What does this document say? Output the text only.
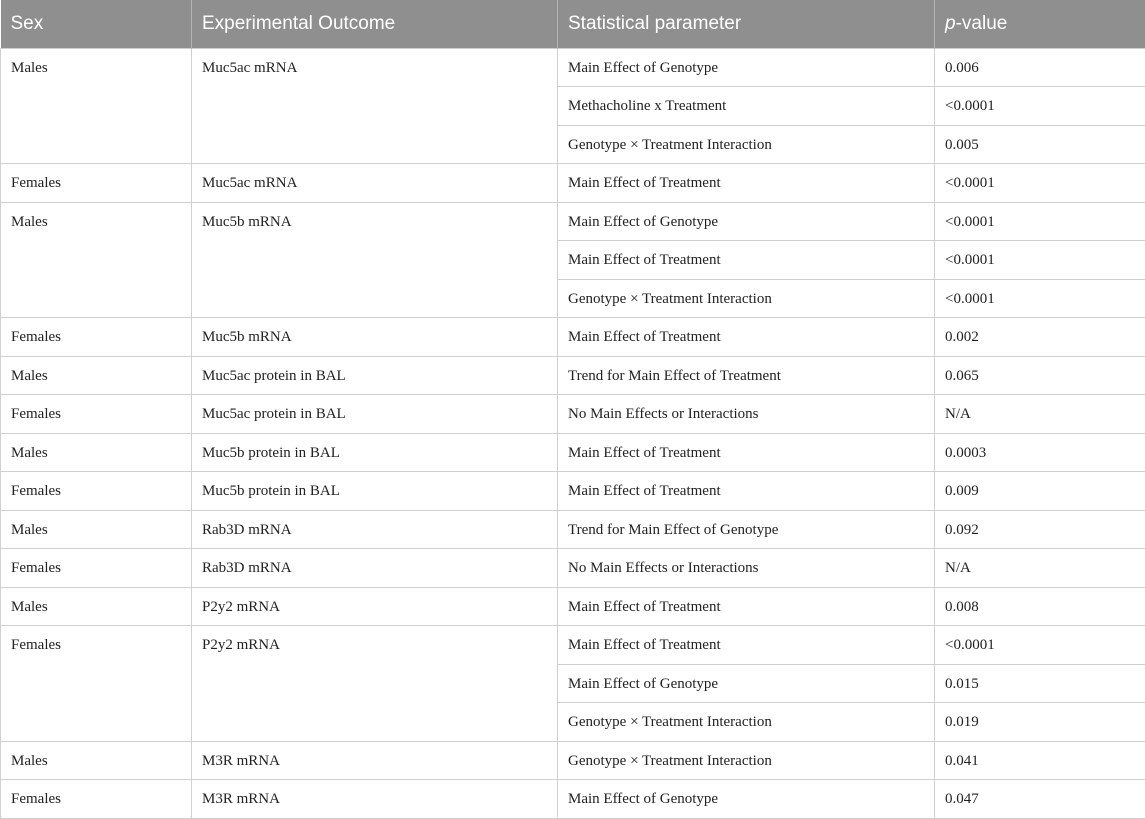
Sex	Experimental Outcome	Statistical parameter	p-value
Males	Muc5ac mRNA	Main Effect of Genotype	0.006
		Methacholine x Treatment	<0.0001
		Genotype × Treatment Interaction	0.005
Females	Muc5ac mRNA	Main Effect of Treatment	<0.0001
Males	Muc5b mRNA	Main Effect of Genotype	<0.0001
		Main Effect of Treatment	<0.0001
		Genotype × Treatment Interaction	<0.0001
Females	Muc5b mRNA	Main Effect of Treatment	0.002
Males	Muc5ac protein in BAL	Trend for Main Effect of Treatment	0.065
Females	Muc5ac protein in BAL	No Main Effects or Interactions	N/A
Males	Muc5b protein in BAL	Main Effect of Treatment	0.0003
Females	Muc5b protein in BAL	Main Effect of Treatment	0.009
Males	Rab3D mRNA	Trend for Main Effect of Genotype	0.092
Females	Rab3D mRNA	No Main Effects or Interactions	N/A
Males	P2y2 mRNA	Main Effect of Treatment	0.008
Females	P2y2 mRNA	Main Effect of Treatment	<0.0001
		Main Effect of Genotype	0.015
		Genotype × Treatment Interaction	0.019
Males	M3R mRNA	Genotype × Treatment Interaction	0.041
Females	M3R mRNA	Main Effect of Genotype	0.047
